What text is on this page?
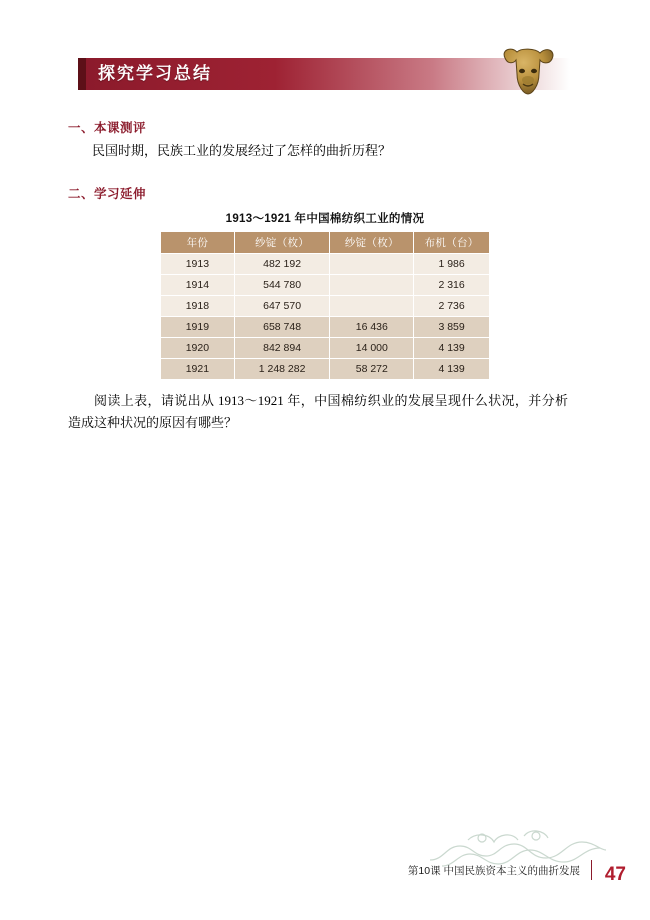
探究学习总结
一、本课测评
民国时期，民族工业的发展经过了怎样的曲折历程？
二、学习延伸
1913～1921 年中国棉纺织工业的情况
年份	纱锭（枚）	纱锭（枚）	布机（台）
1913	482 192		1 986
1914	544 780		2 316
1918	647 570		2 736
1919	658 748	16 436	3 859
1920	842 894	14 000	4 139
1921	1 248 282	58 272	4 139
阅读上表，请说出从 1913～1921 年，中国棉纺织业的发展呈现什么状况，并分析造成这种状况的原因有哪些？
第10课 中国民族资本主义的曲折发展 47
